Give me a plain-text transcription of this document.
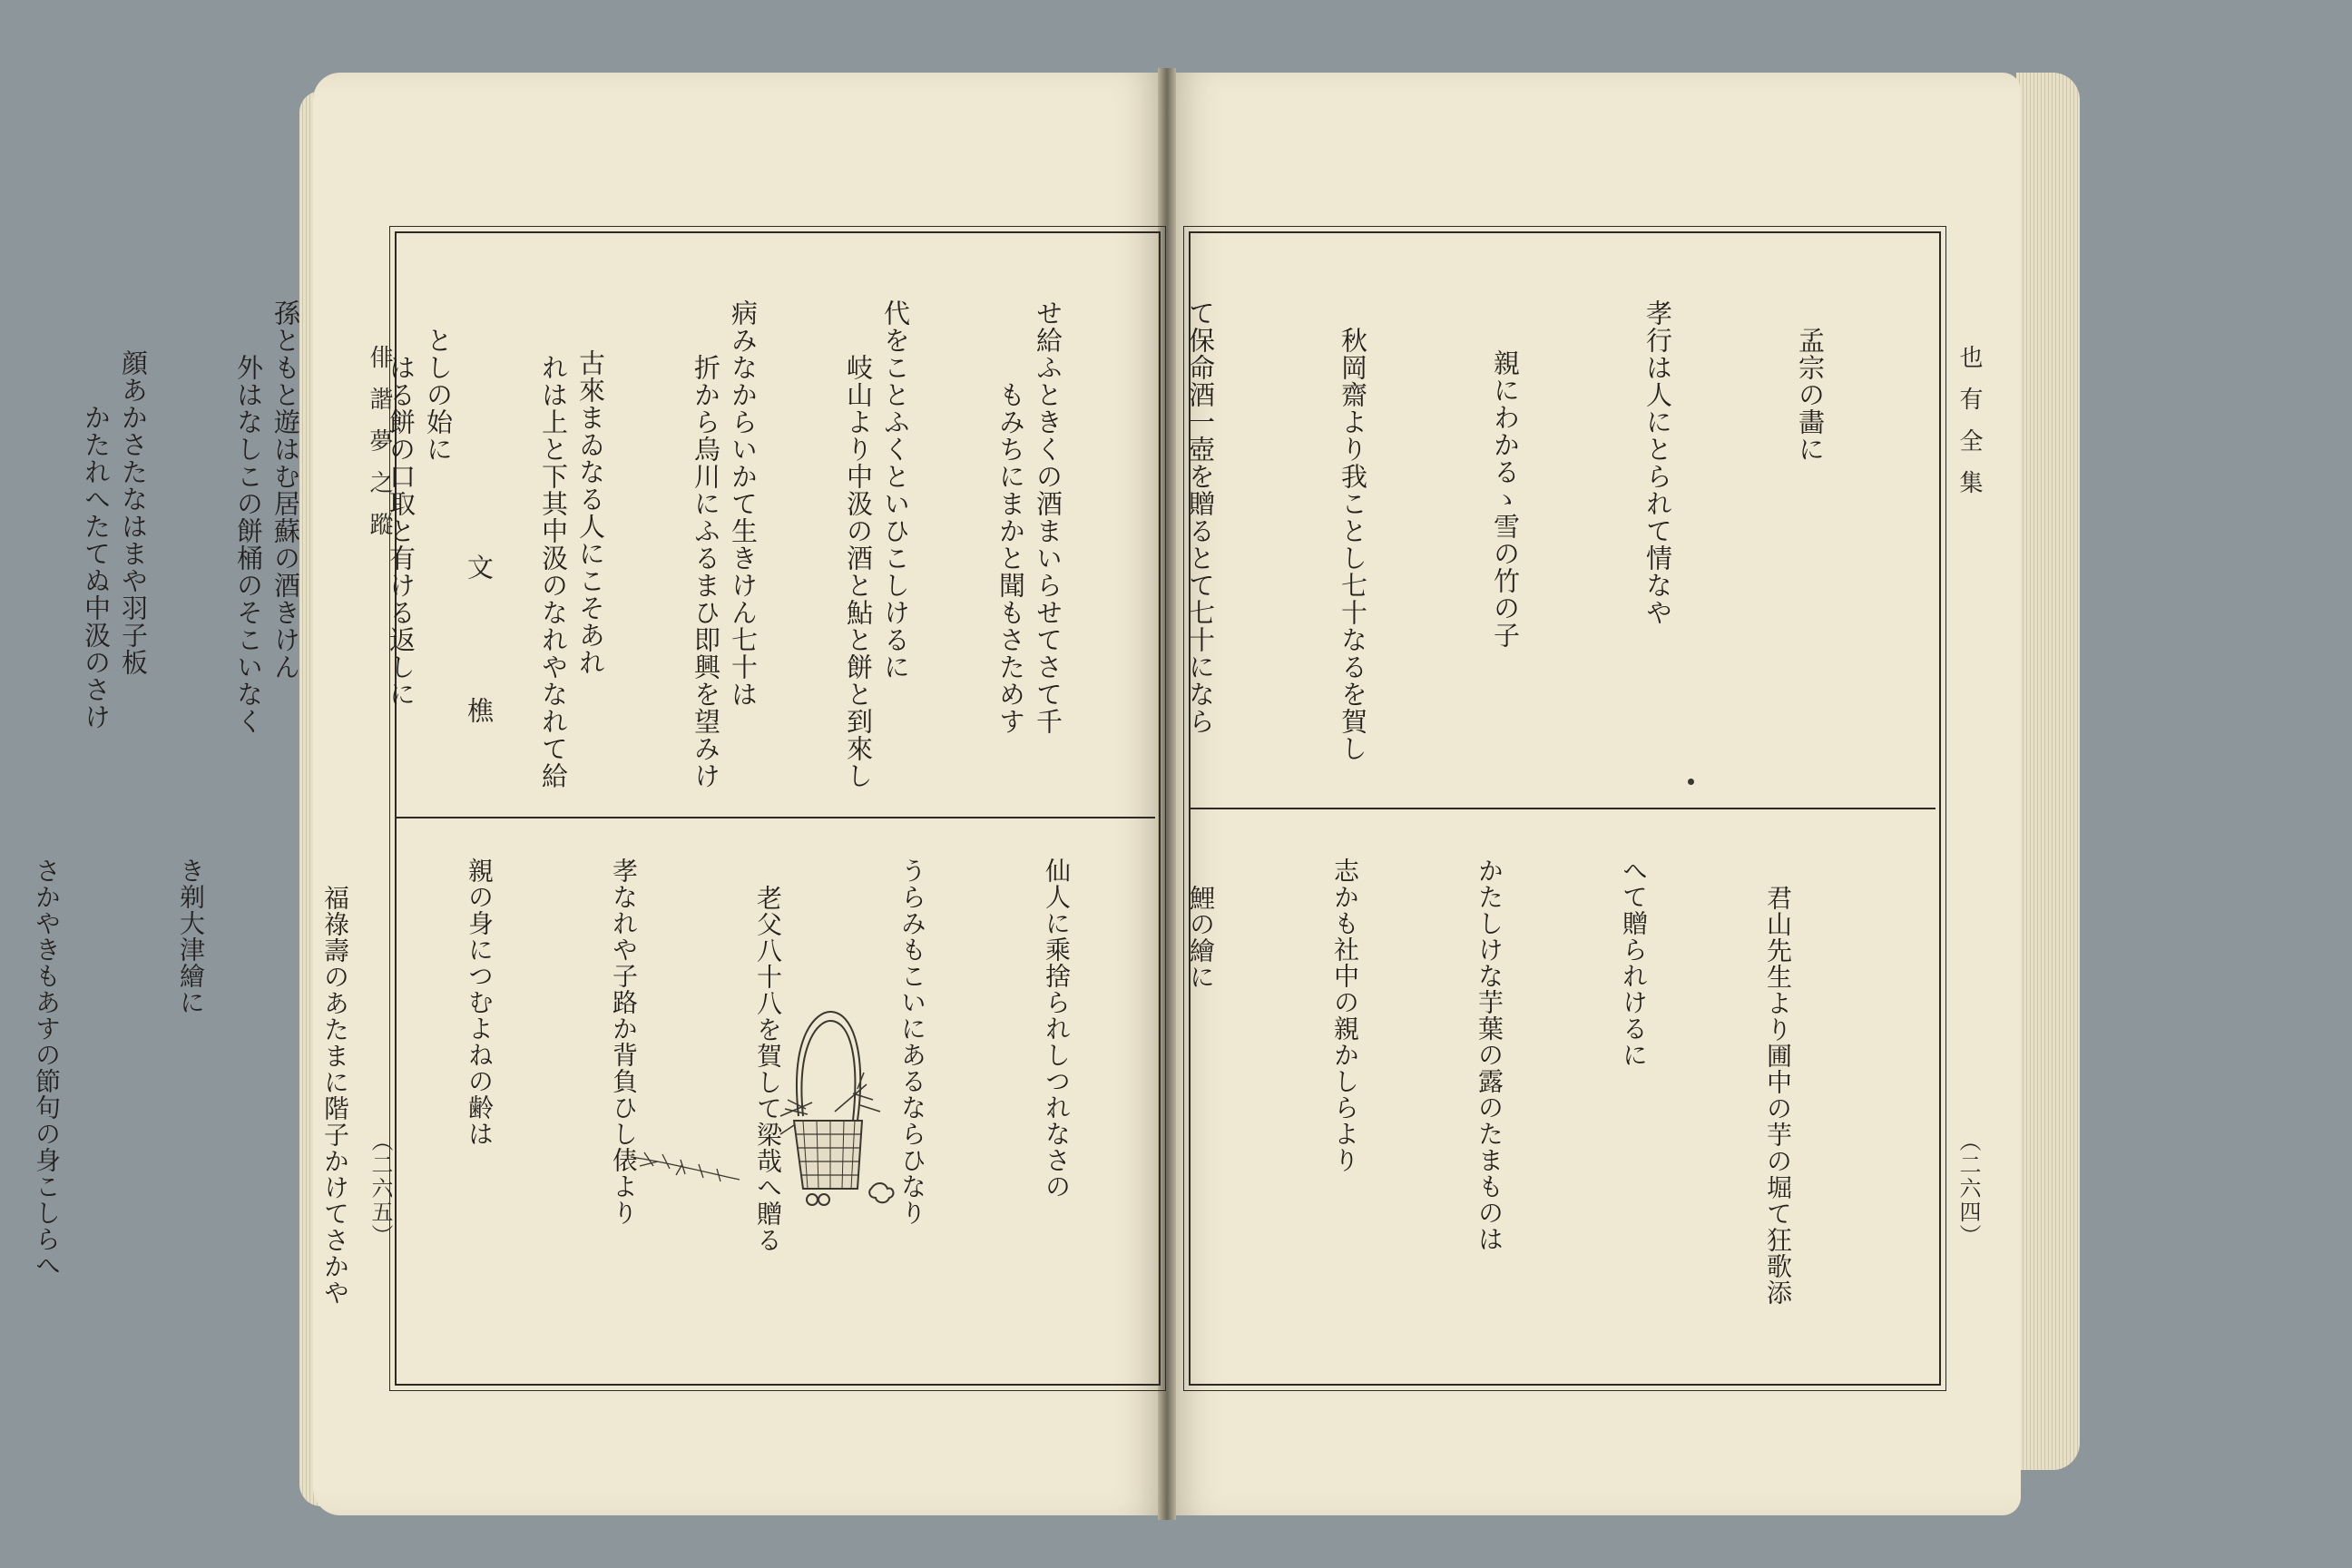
俳諧夢之蹤
（二六五）

もみちにまかと聞もさためす

岐山より中汲の酒と鮎と餅と到來し

折から烏川にふるまひ即興を望みけ

れは上と下其中汲のなれやなれて給

はる餅の口取と有ける返しに

外はなしこの餅桶のそこいなく

かたれへたてぬ中汲のさけ

	文　樵
也有全集
（二六四）

孟宗の畵に

孝行は人にとられて情なや

親にわかるゝ雪の竹の子

秋岡齋より我ことし七十なるを賀し

て保命酒一壺を贈るとて七十になら

せ給ふときくの酒まいらせてさて千

代をことふくといひこしけるに

病みなからいかて生きけん七十は

古來まゐなる人にこそあれ

としの始に

孫ともと遊はむ居蘇の酒きけん

顔あかさたなはまや羽子板

君山先生より圃中の芋の堀て狂歌添

へて贈られけるに

かたしけな芋葉の露のたまものは

志かも社中の親かしらより

鯉の繪に

仙人に乘捨られしつれなさの

うらみもこいにあるならひなり

老父八十八を賀して梁哉へ贈る

孝なれや子路か背負ひし俵より

親の身につむよねの齢は

福祿壽のあたまに階子かけてさかや

き剃大津繪に

さかやきもあすの節句の身こしらへ
